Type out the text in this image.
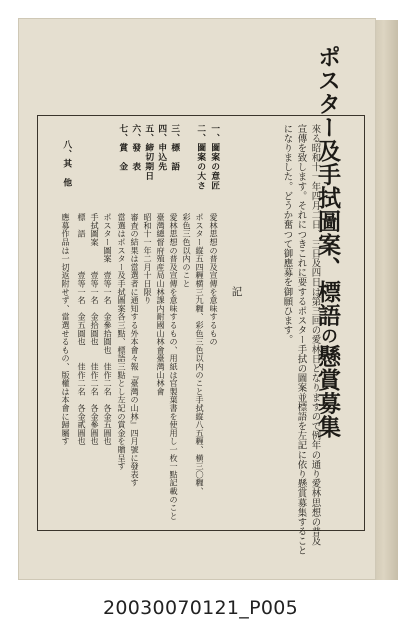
ポスター及手拭圖案、標語の懸賞募集
來る昭和十一年四月二日、三日及四日は第三回の愛林日となりますので例年の通り愛林思想の普及
宣傳を致します。それにつきこれに要するポスター手拭の圖案並標語を左記に依り懸賞募集すること
になりました。どうか奮つて御應募を御願ひます。
記
一、圖案の意匠
愛林思想の普及宣傳を意味するもの
二、圖案の大さ
ポスター縦五四糎横三九糎、彩色三色以内のこと手拭縦八五糎、横三〇糎、
彩色三色以内のこと
三、標　語
愛林思想の普及宣傳を意味するもの、用紙は官製葉書を使用し一枚一點記載のこと
四、申込先
臺灣總督府殖産局山林課内耐國山林會臺灣山林會
五、締切期日
昭和十一年二月十日限り
六、發　表
審査の結果は當選者に通知する外本會々報『臺灣の山林』四月號に發表す
七、賞　金
當選はポスター及手拭圖案各三點、標語三點とし左記の賞金を贈呈す
ポスター圖案　壹等一名　金參拾圓也　佳作二名　各金五圓也
手拭圖案　　　壹等一名　金拾圓也　　佳作二名　各金參圓也
標　語　　　　壹等一名　金五圓也　　佳作二名　各金貳圓也
八、其　他
應募作品は一切返附せず、當選せるもの、版權は本會に歸屬す
20030070121_P005
